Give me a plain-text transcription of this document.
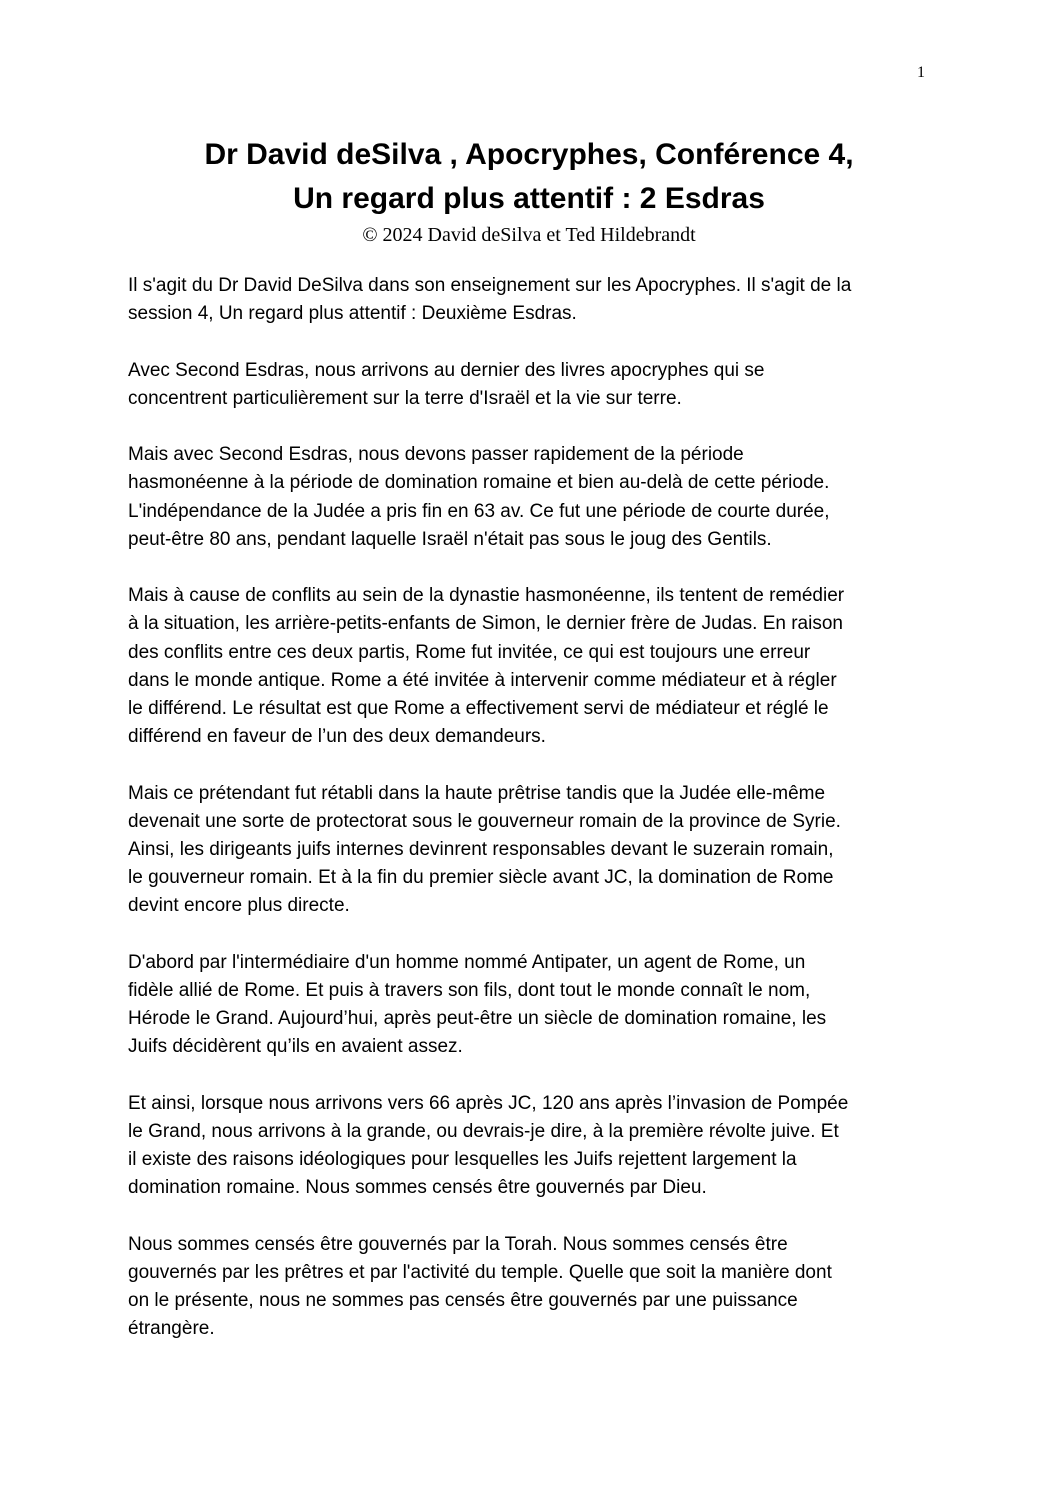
1
Dr David deSilva , Apocryphes, Conférence 4,
Un regard plus attentif : 2 Esdras
© 2024 David deSilva et Ted Hildebrandt

Il s'agit du Dr David DeSilva dans son enseignement sur les Apocryphes. Il s'agit de la
session 4, Un regard plus attentif : Deuxième Esdras.

Avec Second Esdras, nous arrivons au dernier des livres apocryphes qui se
concentrent particulièrement sur la terre d'Israël et la vie sur terre.

Mais avec Second Esdras, nous devons passer rapidement de la période
hasmonéenne à la période de domination romaine et bien au-delà de cette période.
L'indépendance de la Judée a pris fin en 63 av. Ce fut une période de courte durée,
peut-être 80 ans, pendant laquelle Israël n'était pas sous le joug des Gentils.

Mais à cause de conflits au sein de la dynastie hasmonéenne, ils tentent de remédier
à la situation, les arrière-petits-enfants de Simon, le dernier frère de Judas. En raison
des conflits entre ces deux partis, Rome fut invitée, ce qui est toujours une erreur
dans le monde antique. Rome a été invitée à intervenir comme médiateur et à régler
le différend. Le résultat est que Rome a effectivement servi de médiateur et réglé le
différend en faveur de l’un des deux demandeurs.

Mais ce prétendant fut rétabli dans la haute prêtrise tandis que la Judée elle-même
devenait une sorte de protectorat sous le gouverneur romain de la province de Syrie.
Ainsi, les dirigeants juifs internes devinrent responsables devant le suzerain romain,
le gouverneur romain. Et à la fin du premier siècle avant JC, la domination de Rome
devint encore plus directe.

D'abord par l'intermédiaire d'un homme nommé Antipater, un agent de Rome, un
fidèle allié de Rome. Et puis à travers son fils, dont tout le monde connaît le nom,
Hérode le Grand. Aujourd’hui, après peut-être un siècle de domination romaine, les
Juifs décidèrent qu’ils en avaient assez.

Et ainsi, lorsque nous arrivons vers 66 après JC, 120 ans après l’invasion de Pompée
le Grand, nous arrivons à la grande, ou devrais-je dire, à la première révolte juive. Et
il existe des raisons idéologiques pour lesquelles les Juifs rejettent largement la
domination romaine. Nous sommes censés être gouvernés par Dieu.

Nous sommes censés être gouvernés par la Torah. Nous sommes censés être
gouvernés par les prêtres et par l'activité du temple. Quelle que soit la manière dont
on le présente, nous ne sommes pas censés être gouvernés par une puissance
étrangère.
